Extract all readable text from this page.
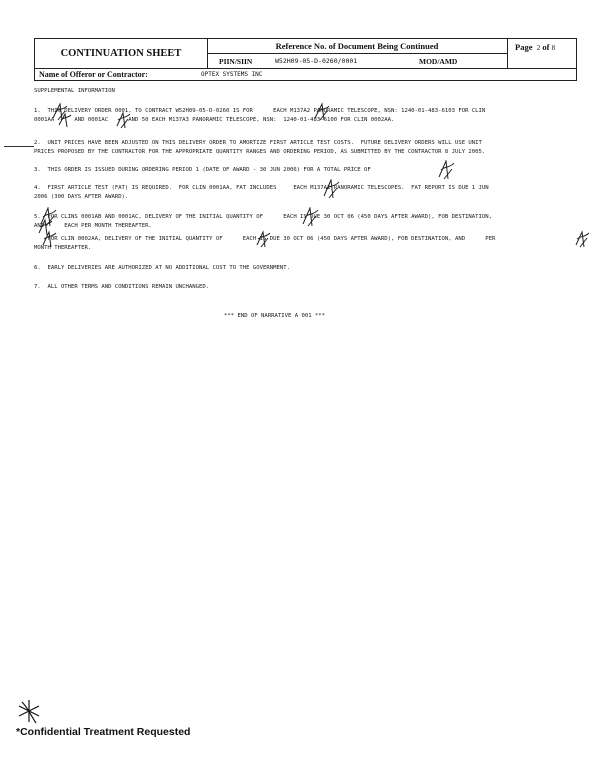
CONTINUATION SHEET
Reference No. of Document Being Continued
PIIN/SIIN	W52H09-05-D-0260/0001	MOD/AMD
Page 2 of 8
Name of Offeror or Contractor:	OPTEX SYSTEMS INC
SUPPLEMENTAL INFORMATION
1.  THIS DELIVERY ORDER 0001, TO CONTRACT W52H09-05-D-0260 IS FOR      EACH M137A2 PANORAMIC TELESCOPE, NSN: 1240-01-483-6103 FOR CLIN
0001AA      AND 0001AC      AND 50 EACH M137A3 PANORAMIC TELESCOPE, NSN:  1240-01-483-6100 FOR CLIN 0002AA.
2.  UNIT PRICES HAVE BEEN ADJUSTED ON THIS DELIVERY ORDER TO AMORTIZE FIRST ARTICLE TEST COSTS.  FUTURE DELIVERY ORDERS WILL USE UNIT
PRICES PROPOSED BY THE CONTRACTOR FOR THE APPROPRIATE QUANTITY RANGES AND ORDERING PERIOD, AS SUBMITTED BY THE CONTRACTOR 8 JULY 2005.
3.  THIS ORDER IS ISSUED DURING ORDERING PERIOD 1 (DATE OF AWARD - 30 JUN 2006) FOR A TOTAL PRICE OF
4.  FIRST ARTICLE TEST (FAT) IS REQUIRED.  FOR CLIN 0001AA, FAT INCLUDES     EACH M137A2 PANORAMIC TELESCOPES.  FAT REPORT IS DUE 1 JUN
2006 (300 DAYS AFTER AWARD).
5.  FOR CLINS 0001AB AND 0001AC, DELIVERY OF THE INITIAL QUANTITY OF      EACH IS DUE 30 OCT 06 (450 DAYS AFTER AWARD), FOB DESTINATION,
AND      EACH PER MONTH THEREAFTER.
FOR CLIN 0002AA, DELIVERY OF THE INITIAL QUANTITY OF      EACH IS DUE 30 OCT 06 (450 DAYS AFTER AWARD), FOB DESTINATION, AND      PER
MONTH THEREAFTER.
6.  EARLY DELIVERIES ARE AUTHORIZED AT NO ADDITIONAL COST TO THE GOVERNMENT.
7.  ALL OTHER TERMS AND CONDITIONS REMAIN UNCHANGED.
*** END OF NARRATIVE A 001 ***
*Confidential Treatment Requested
